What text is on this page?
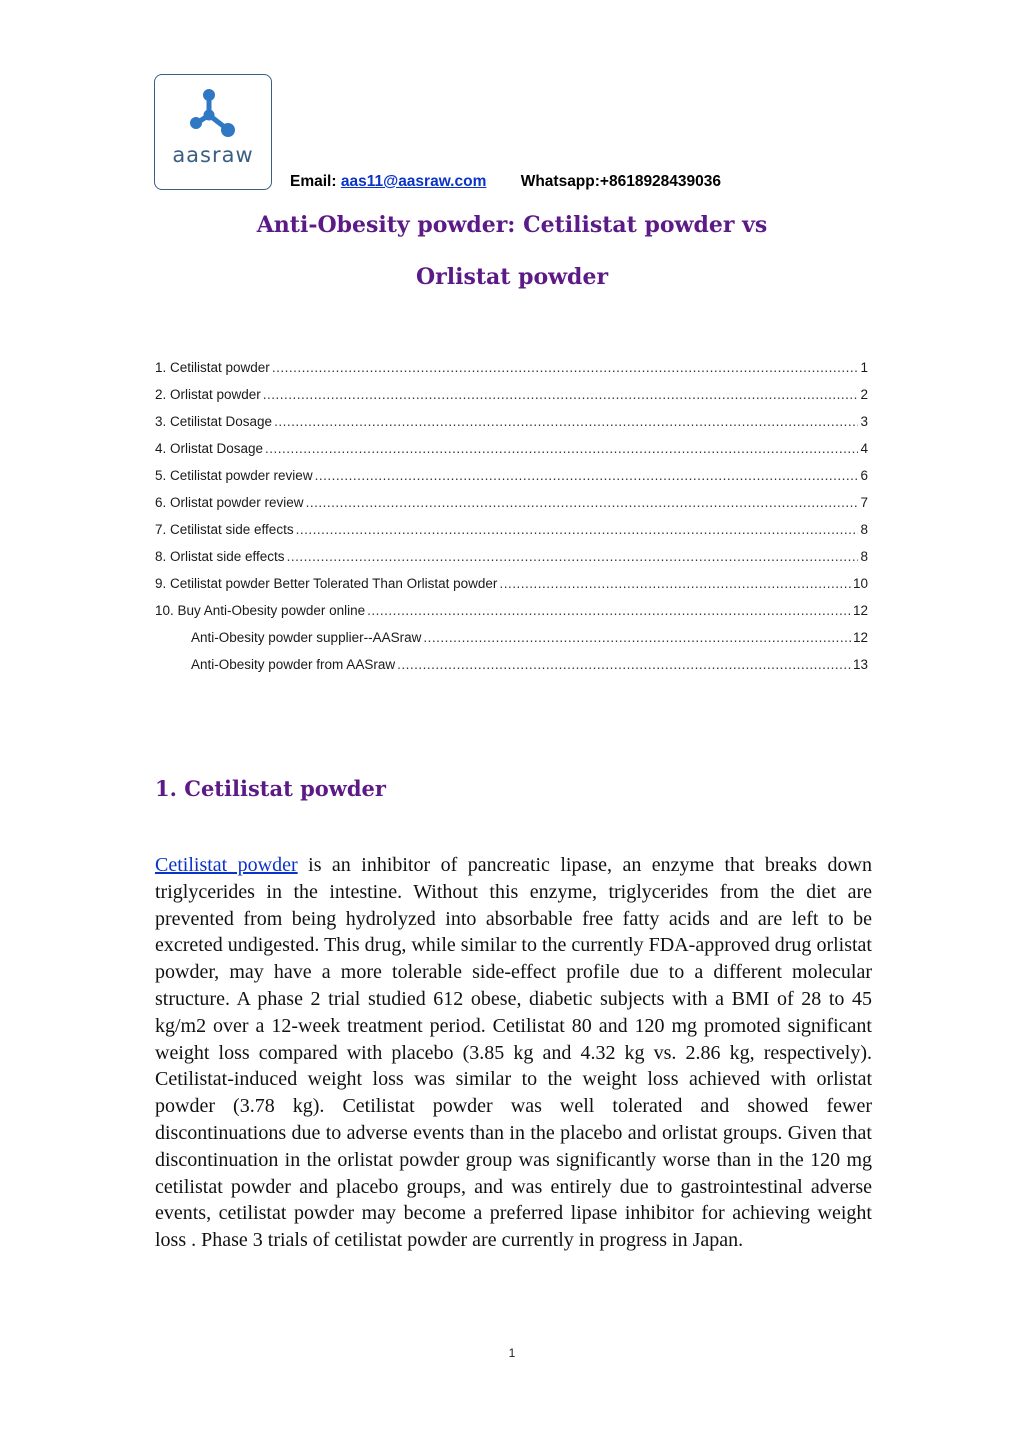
aasraw
Email: aas11@aasraw.com Whatsapp:+8618928439036
Anti-Obesity powder: Cetilistat powder vs
Orlistat powder
1. Cetilistat powder .....	1
2. Orlistat powder .....	2
3. Cetilistat Dosage .....	3
4. Orlistat Dosage .....	4
5. Cetilistat powder review .....	6
6. Orlistat powder review .....	7
7. Cetilistat side effects .....	8
8. Orlistat side effects .....	8
9. Cetilistat powder Better Tolerated Than Orlistat powder .....	10
10. Buy Anti-Obesity powder online .....	12
Anti-Obesity powder supplier--AASraw .....	12
Anti-Obesity powder from AASraw .....	13
1. Cetilistat powder
Cetilistat powder is an inhibitor of pancreatic lipase, an enzyme that breaks down triglycerides in the intestine. Without this enzyme, triglycerides from the diet are prevented from being hydrolyzed into absorbable free fatty acids and are left to be excreted undigested. This drug, while similar to the currently FDA-approved drug orlistat powder, may have a more tolerable side-effect profile due to a different molecular structure. A phase 2 trial studied 612 obese, diabetic subjects with a BMI of 28 to 45 kg/m2 over a 12-week treatment period. Cetilistat 80 and 120 mg promoted significant weight loss compared with placebo (3.85 kg and 4.32 kg vs. 2.86 kg, respectively). Cetilistat-induced weight loss was similar to the weight loss achieved with orlistat powder (3.78 kg). Cetilistat powder was well tolerated and showed fewer discontinuations due to adverse events than in the placebo and orlistat groups. Given that discontinuation in the orlistat powder group was significantly worse than in the 120 mg cetilistat powder and placebo groups, and was entirely due to gastrointestinal adverse events, cetilistat powder may become a preferred lipase inhibitor for achieving weight loss . Phase 3 trials of cetilistat powder are currently in progress in Japan.
1
